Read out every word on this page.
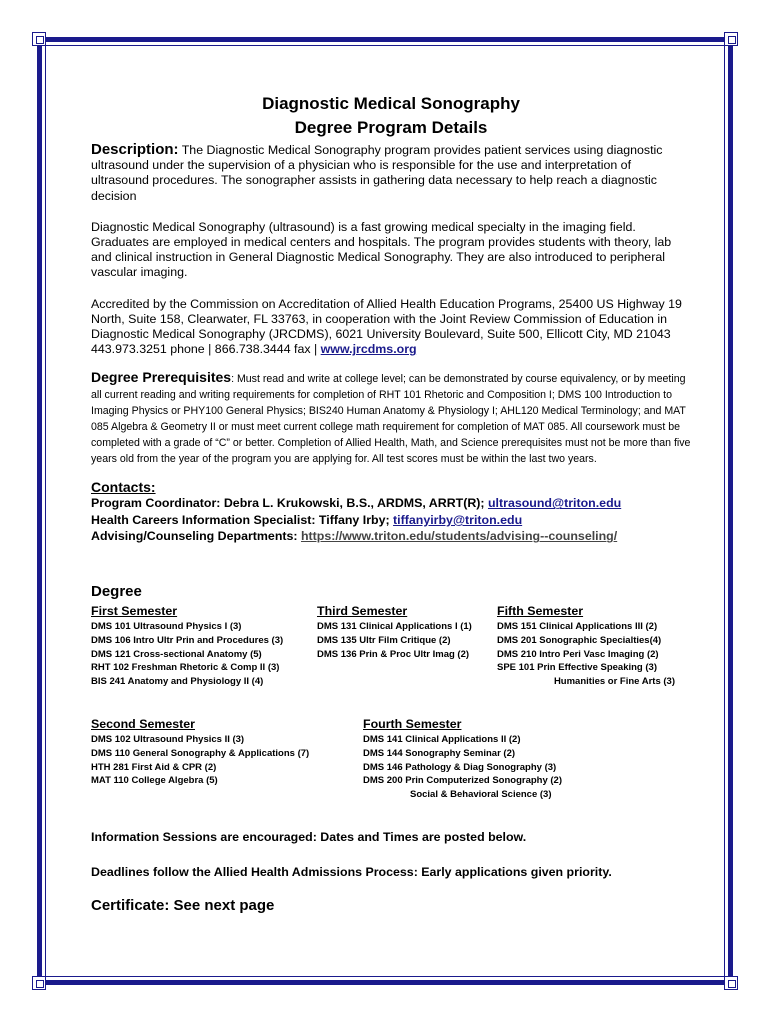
Diagnostic Medical Sonography
Degree Program Details

Description: The Diagnostic Medical Sonography program provides patient services using diagnostic ultrasound under the supervision of a physician who is responsible for the use and interpretation of ultrasound procedures. The sonographer assists in gathering data necessary to help reach a diagnostic decision

Diagnostic Medical Sonography (ultrasound) is a fast growing medical specialty in the imaging field. Graduates are employed in medical centers and hospitals. The program provides students with theory, lab and clinical instruction in General Diagnostic Medical Sonography. They are also introduced to peripheral vascular imaging.

Accredited by the Commission on Accreditation of Allied Health Education Programs, 25400 US Highway 19 North, Suite 158, Clearwater, FL 33763, in cooperation with the Joint Review Commission of Education in Diagnostic Medical Sonography (JRCDMS), 6021 University Boulevard, Suite 500, Ellicott City, MD 21043 443.973.3251 phone | 866.738.3444 fax | www.jrcdms.org

Degree Prerequisites: Must read and write at college level; can be demonstrated by course equivalency, or by meeting all current reading and writing requirements for completion of RHT 101 Rhetoric and Composition I; DMS 100 Introduction to Imaging Physics or PHY100 General Physics; BIS240 Human Anatomy & Physiology I; AHL120 Medical Terminology; and MAT 085 Algebra & Geometry II or must meet current college math requirement for completion of MAT 085. All coursework must be completed with a grade of “C” or better. Completion of Allied Health, Math, and Science prerequisites must not be more than five years old from the year of the program you are applying for. All test scores must be within the last two years.

Contacts:

Program Coordinator: Debra L. Krukowski, B.S., ARDMS, ARRT(R); ultrasound@triton.edu

Health Careers Information Specialist: Tiffany Irby; tiffanyirby@triton.edu

Advising/Counseling Departments: https://www.triton.edu/students/advising--counseling/

Degree

First Semester

DMS 101 Ultrasound Physics I (3)

DMS 106 Intro Ultr Prin and Procedures (3)

DMS 121 Cross-sectional Anatomy (5)

RHT 102 Freshman Rhetoric & Comp II (3)

BIS 241 Anatomy and Physiology II (4)

Third Semester

DMS 131 Clinical Applications I (1)

DMS 135 Ultr Film Critique (2)

DMS 136 Prin & Proc Ultr Imag (2)

Fifth Semester

DMS 151 Clinical Applications III (2)

DMS 201 Sonographic Specialties(4)

DMS 210 Intro Peri Vasc Imaging (2)

SPE 101 Prin Effective Speaking (3)

Humanities or Fine Arts (3)

Second Semester

DMS 102 Ultrasound Physics II (3)

DMS 110 General Sonography & Applications (7)

HTH 281 First Aid & CPR (2)

MAT 110 College Algebra (5)

Fourth Semester

DMS 141 Clinical Applications II (2)

DMS 144 Sonography Seminar (2)

DMS 146 Pathology & Diag Sonography (3)

DMS 200 Prin Computerized Sonography (2)

Social & Behavioral Science (3)

Information Sessions are encouraged: Dates and Times are posted below.

Deadlines follow the Allied Health Admissions Process: Early applications given priority.

Certificate: See next page
